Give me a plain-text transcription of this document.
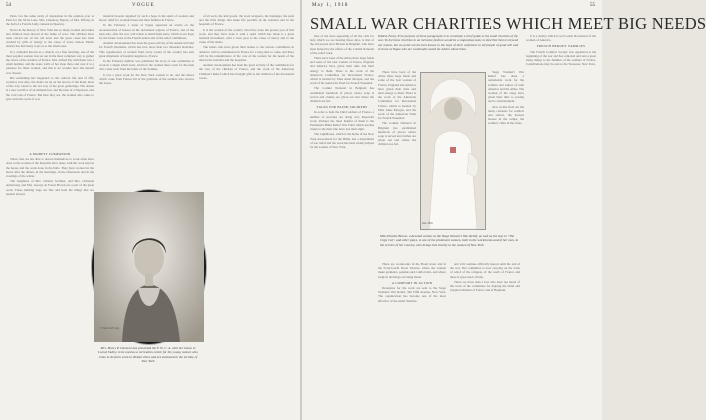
54	VOGUE

Paris, but the same rarity of inspiration in the opinion over at Paris for the Jarvis Lane. Mrs. Chauncey Depew, of Mrs. Tiffany, in the hall of a French Army canteen in Epernay.

Never in the history of New York has so many women and ladies and children been moved in the name of wars. The children have been carried out on the old town and the great cause has been reached by gifts of energy to the cause of every nation. Public charity has had many ways as to the small ones.

In a cathedral known as a church, on a fine morning, one of the most popular women was set out in the most complete way to gather the wives of the soldiers of France. Mrs. Alfred Ely with them was a small number, and the stone walls of her shop there and over it is a pleasure for these women, and this is no wonder how she herself was chosen.

But something has happened to the cultural life and of fifty societies was sixty, the chairs set up on the terrace of the hotel, most of the way round to the old way of the great gatherings. The drama is a new sacrifice of an eminent few, and the blue of a Napoleon, and the cold rain of France. But here they are, the women who came to give all in the work of war.

A MODEST COMPANION

Those who are not able to devote themselves to work often have done as the women of the hospitals have done, with the wool kept in the house and the work done in the halls. They have worked in the hours after the dinner, in the mornings, in the afternoons and in the evenings of the winter.

The daughters of Mrs. Charles Scribner, and Mrs. Christian Armstrong, and Mrs. George de Forest Brown are a part of the great work. These knitting bags are fine and hold the things that are needed abroad.

material broader supplied by such a hope in the spirit of workers and heroic relief for wounded men and their families in France.

In the February 1 issue of Vogue appeared an article on the reconstruction of houses in the devastated regions of France, and of the men who, after the war, will return to build them anew, which is our hope for the future work of the French nation and of the relief committees.

Another development has been the great activity of the American Fund for French Wounded, which has now more than two thousand branches. This organization of women from every corner of the country has sent great shipments of hospital supplies to France.

In the February number was published the story of one committee at work in a single small town, and how the women there work for the men who come back from the battle of the Somme.

It was a great work for the New York women to do, and the letters which come from France tell of the gratitude of the soldiers who receive the boxes.

of all sorts, the knit goods, the wool wrappers, the bandages, the pads and the little things that make life possible in the trenches and in the hospitals of France.

It is the women of the country who have done the greater part of this work, and they have done it with a spirit which has made it a great national movement, with a clear goal to the cause of mercy and to the cause of the Allies.

The ladies who have given their names to the various committees in America will be remembered in France for a long time to come, and there will be the remembrance of the care of the women for the needs of the men in the trenches and the hospitals.

Another development has been the great activity of the committees for the care of the children of France, and the work of the American Children's Relief which has brought gifts to the children of the devastated towns.

© Harris & Ewing
Mrs. Henry P. Davison has presented the Y. W. C. A. with her house in Locust Valley, to be used as a recreation centre for the young women who come to do farm work in distant cities and are stationed in the vicinity of New York
May 1, 1918	55
SMALL WAR CHARITIES WHICH MEET BIG NEEDS

One of the most appealing of all the calls for help which we are hearing these days, is that of the old people and children in Belgium, who have been helped by the efforts of the Comité National of the relief work.

There have been of the Allies three large funds and some of the best women of France, England and America have given their time and their energy to them. There is the work of the American Committee for Devastated France, which is headed by Miss Anne Morgan, and the work of the American Fund for French Wounded.

The Comité National in Belgium has established hundreds of places where soup is served and clothes are given out and where the children are fed.

TALKS FOR BLIND SOLDIERS

In order to help the blind soldiers of France, a number of societies are doing very important work. Perhaps the most helpful of them is the Permanent Blind Relief War Fund which teaches trades to the men who have lost their sight.

The Lighthouse, which is the home of the New York Association for the Blind, has a department of war relief and the work has been widely helped by the women of New York.

Edited, Fancy-Free purpose of these paragraphs is to constitute a brief guide to the small charities of the war. To list these charities in an inclusive fashion would be a stupendous task; to describe them is beyond our means, but we point out the best known in the hope of their usefulness to all people of good will and to those at Vogue who are continually asked for advice about them.
Ira L. Hill

There have been of the Allies three large funds and some of the best women of France, England and America have given their time and their energy to them. There is the work of the American Committee for Devastated France, which is headed by Miss Anne Morgan, and the work of the American Fund for French Wounded.

The Comité National in Belgium has established hundreds of places where soup is served and clothes are given out and where the children are fed.

Stage Women's War Relief has done a remarkable work for the soldiers and sailors of both America and the Allies. The women of the stage have given their time to sewing and to entertainment.

Also in this field are the many canteens for soldiers and sailors, the hostess houses in the camps, the soldiers' clubs in the cities.

Miss Phoebe Brown, a devoted worker at the Stage Women's War Relief, as well as the star in "The Copy Cat", and other plays, is one of the prominent women, both in the workrooms and of her own, in the service of her country, who brings this charity to the women of New York

There are workrooms in the Hotel Astor and in the Forty-fourth Street Theatre, where the women make garments, pajamas and comfort kits, and where surgical dressings are being made.

A COMFORT IN ACTION

Donations for the work are sent to the Stage Women's War Relief, 366 Fifth Avenue, New York. The organization has become one of the most effective of the small charities.

and will continue officially known until the end of the war. The committee is now carrying on the work of relief of the refugees of the north of France and there is great need of help.

There are more than a few who have not heard of the work of the committee for helping the blind and crippled children of France and of Belgium.

It is a charity which is well worth the interest of the women of America.

FRENCH HEROES' FAMILIES

The French Comfort Society was organized at the beginning of the war and has collected and sent a great many things to the families of the soldiers of France. Contributions may be sent to the Treasurer, New York.
